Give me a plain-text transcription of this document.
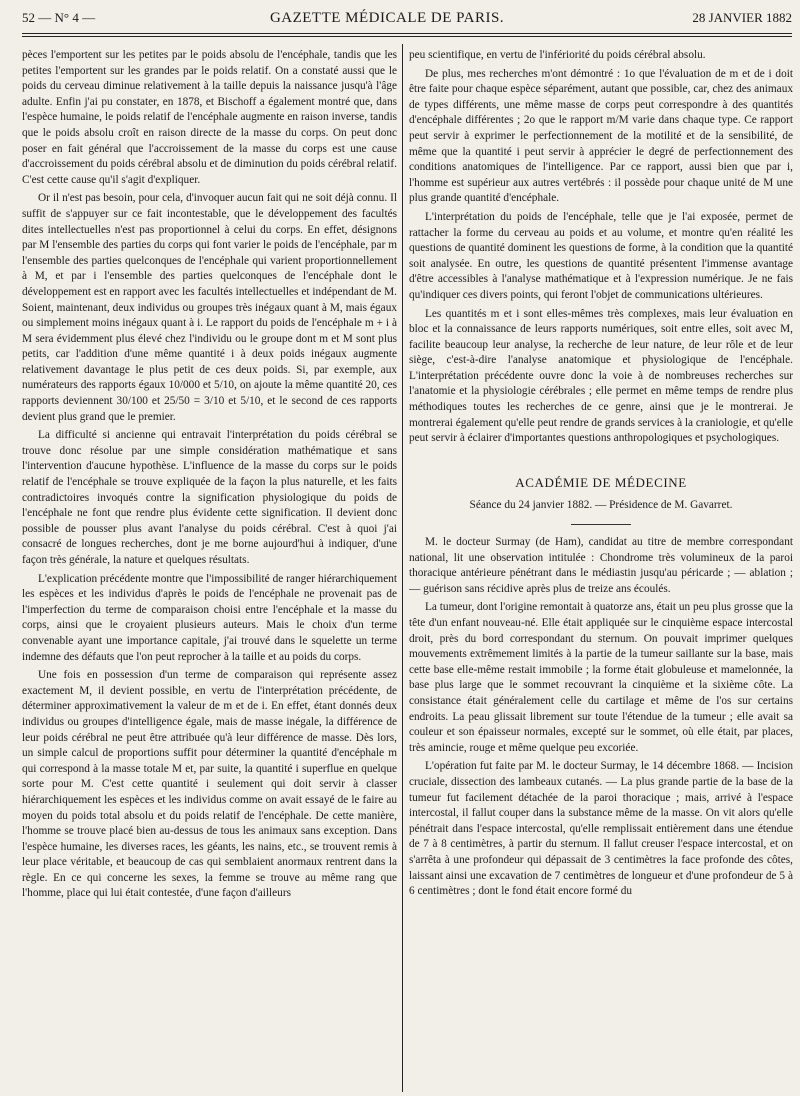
52 — N° 4 —	GAZETTE MÉDICALE DE PARIS.	28 JANVIER 1882

pèces l'emportent sur les petites par le poids absolu de l'encéphale, tandis que les petites l'emportent sur les grandes par le poids relatif. On a constaté aussi que le poids du cerveau diminue relativement à la taille depuis la naissance jusqu'à l'âge adulte. Enfin j'ai pu constater, en 1878, et Bischoff a également montré que, dans l'espèce humaine, le poids relatif de l'encéphale augmente en raison inverse, tandis que le poids absolu croît en raison directe de la masse du corps. On peut donc poser en fait général que l'accroissement de la masse du corps est une cause d'accroissement du poids cérébral absolu et de diminution du poids cérébral relatif. C'est cette cause qu'il s'agit d'expliquer.

Or il n'est pas besoin, pour cela, d'invoquer aucun fait qui ne soit déjà connu. Il suffit de s'appuyer sur ce fait incontestable, que le développement des facultés dites intellectuelles n'est pas proportionnel à celui du corps. En effet, désignons par M l'ensemble des parties du corps qui font varier le poids de l'encéphale, par m l'ensemble des parties quelconques de l'encéphale qui varient proportionnellement à M, et par i l'ensemble des parties quelconques de l'encéphale dont le développement est en rapport avec les facultés intellectuelles et indépendant de M. Soient, maintenant, deux individus ou groupes très inégaux quant à M, mais égaux ou simplement moins inégaux quant à i. Le rapport du poids de l'encéphale m + i à M sera évidemment plus élevé chez l'individu ou le groupe dont m et M sont plus petits, car l'addition d'une même quantité i à deux poids inégaux augmente relativement davantage le plus petit de ces deux poids. Si, par exemple, aux numérateurs des rapports égaux 10/000 et 5/10, on ajoute la même quantité 20, ces rapports deviennent 30/100 et 25/50 = 3/10 et 5/10, et le second de ces rapports devient plus grand que le premier.

La difficulté si ancienne qui entravait l'interprétation du poids cérébral se trouve donc résolue par une simple considération mathématique et sans l'intervention d'aucune hypothèse. L'influence de la masse du corps sur le poids relatif de l'encéphale se trouve expliquée de la façon la plus naturelle, et les faits contradictoires invoqués contre la signification physiologique du poids de l'encéphale ne font que rendre plus évidente cette signification. Il devient donc possible de pousser plus avant l'analyse du poids cérébral. C'est à quoi j'ai consacré de longues recherches, dont je me borne aujourd'hui à indiquer, d'une façon très générale, la nature et quelques résultats.

L'explication précédente montre que l'impossibilité de ranger hiérarchiquement les espèces et les individus d'après le poids de l'encéphale ne provenait pas de l'imperfection du terme de comparaison choisi entre l'encéphale et la masse du corps, ainsi que le croyaient plusieurs auteurs. Mais le choix d'un terme convenable ayant une importance capitale, j'ai trouvé dans le squelette un terme indemne des défauts que l'on peut reprocher à la taille et au poids du corps.

Une fois en possession d'un terme de comparaison qui représente assez exactement M, il devient possible, en vertu de l'interprétation précédente, de déterminer approximativement la valeur de m et de i. En effet, étant donnés deux individus ou groupes d'intelligence égale, mais de masse inégale, la différence de leur poids cérébral ne peut être attribuée qu'à leur différence de masse. Dès lors, un simple calcul de proportions suffit pour déterminer la quantité d'encéphale m qui correspond à la masse totale M et, par suite, la quantité i superflue en quelque sorte pour M. C'est cette quantité i seulement qui doit servir à classer hiérarchiquement les espèces et les individus comme on avait essayé de le faire au moyen du poids total absolu et du poids relatif de l'encéphale. De cette manière, l'homme se trouve placé bien au-dessus de tous les animaux sans exception. Dans l'espèce humaine, les diverses races, les géants, les nains, etc., se trouvent remis à leur place véritable, et beaucoup de cas qui semblaient anormaux rentrent dans la règle. En ce qui concerne les sexes, la femme se trouve au même rang que l'homme, place qui lui était contestée, d'une façon d'ailleurs

peu scientifique, en vertu de l'infériorité du poids cérébral absolu.

De plus, mes recherches m'ont démontré : 1o que l'évaluation de m et de i doit être faite pour chaque espèce séparément, autant que possible, car, chez des animaux de types différents, une même masse de corps peut correspondre à des quantités d'encéphale différentes ; 2o que le rapport m/M varie dans chaque type. Ce rapport peut servir à exprimer le perfectionnement de la motilité et de la sensibilité, de même que la quantité i peut servir à apprécier le degré de perfectionnement des conditions anatomiques de l'intelligence. Par ce rapport, aussi bien que par i, l'homme est supérieur aux autres vertébrés : il possède pour chaque unité de M une plus grande quantité d'encéphale.

L'interprétation du poids de l'encéphale, telle que je l'ai exposée, permet de rattacher la forme du cerveau au poids et au volume, et montre qu'en réalité les questions de quantité dominent les questions de forme, à la condition que la quantité soit analysée. En outre, les questions de quantité présentent l'immense avantage d'être accessibles à l'analyse mathématique et à l'expression numérique. Je ne fais qu'indiquer ces divers points, qui feront l'objet de communications ultérieures.

Les quantités m et i sont elles-mêmes très complexes, mais leur évaluation en bloc et la connaissance de leurs rapports numériques, soit entre elles, soit avec M, facilite beaucoup leur analyse, la recherche de leur nature, de leur rôle et de leur siège, c'est-à-dire l'analyse anatomique et physiologique de l'encéphale. L'interprétation précédente ouvre donc la voie à de nombreuses recherches sur l'anatomie et la physiologie cérébrales ; elle permet en même temps de rendre plus méthodiques toutes les recherches de ce genre, ainsi que je le montrerai. Je montrerai également qu'elle peut rendre de grands services à la craniologie, et qu'elle peut servir à éclairer d'importantes questions anthropologiques et psychologiques.

ACADÉMIE DE MÉDECINE

Séance du 24 janvier 1882. — Présidence de M. Gavarret.

M. le docteur Surmay (de Ham), candidat au titre de membre correspondant national, lit une observation intitulée : Chondrome très volumineux de la paroi thoracique antérieure pénétrant dans le médiastin jusqu'au péricarde ; — ablation ; — guérison sans récidive après plus de treize ans écoulés.

La tumeur, dont l'origine remontait à quatorze ans, était un peu plus grosse que la tête d'un enfant nouveau-né. Elle était appliquée sur le cinquième espace intercostal droit, près du bord correspondant du sternum. On pouvait imprimer quelques mouvements extrêmement limités à la partie de la tumeur saillante sur la base, mais cette base elle-même restait immobile ; la forme était globuleuse et mamelonnée, la base plus large que le sommet recouvrant la cinquième et la sixième côte. La consistance était généralement celle du cartilage et même de l'os sur certains endroits. La peau glissait librement sur toute l'étendue de la tumeur ; elle avait sa couleur et son épaisseur normales, excepté sur le sommet, où elle était, par places, très amincie, rouge et même quelque peu excoriée.

L'opération fut faite par M. le docteur Surmay, le 14 décembre 1868. — Incision cruciale, dissection des lambeaux cutanés. — La plus grande partie de la base de la tumeur fut facilement détachée de la paroi thoracique ; mais, arrivé à l'espace intercostal, il fallut couper dans la substance même de la masse. On vit alors qu'elle pénétrait dans l'espace intercostal, qu'elle remplissait entièrement dans une étendue de 7 à 8 centimètres, à partir du sternum. Il fallut creuser l'espace intercostal, et on s'arrêta à une profondeur qui dépassait de 3 centimètres la face profonde des côtes, laissant ainsi une excavation de 7 centimètres de longueur et d'une profondeur de 5 à 6 centimètres ; dont le fond était encore formé du
